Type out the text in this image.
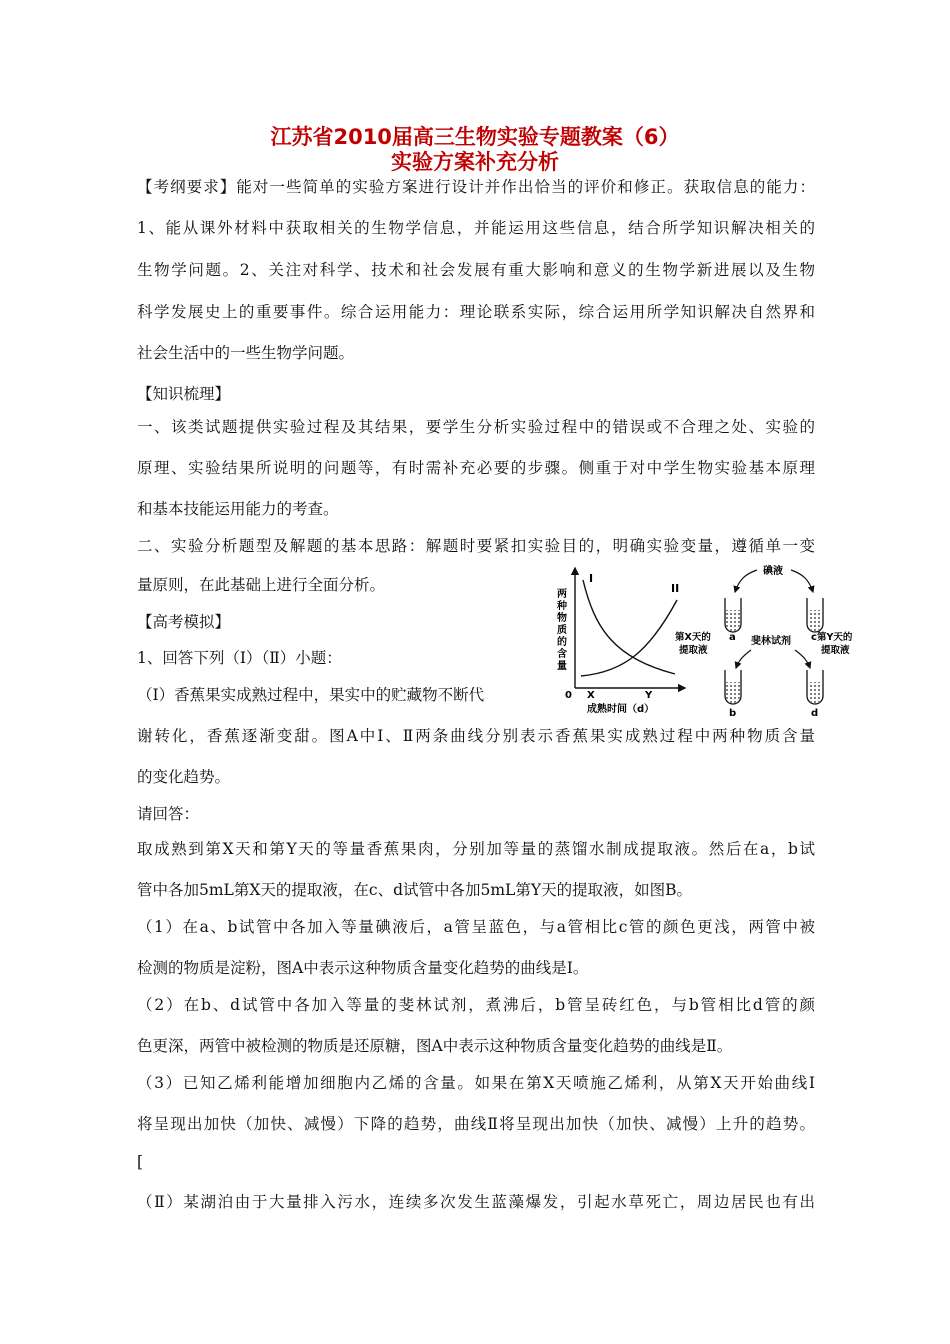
江苏省2010届高三生物实验专题教案（6）
实验方案补充分析
【考纲要求】能对一些简单的实验方案进行设计并作出恰当的评价和修正。获取信息的能力：
1、能从课外材料中获取相关的生物学信息，并能运用这些信息，结合所学知识解决相关的
生物学问题。2、关注对科学、技术和社会发展有重大影响和意义的生物学新进展以及生物
科学发展史上的重要事件。综合运用能力：理论联系实际，综合运用所学知识解决自然界和
社会生活中的一些生物学问题。
【知识梳理】
一、该类试题提供实验过程及其结果，要学生分析实验过程中的错误或不合理之处、实验的
原理、实验结果所说明的问题等，有时需补充必要的步骤。侧重于对中学生物实验基本原理
和基本技能运用能力的考查。
二、实验分析题型及解题的基本思路：解题时要紧扣实验目的，明确实验变量，遵循单一变
量原则，在此基础上进行全面分析。
【高考模拟】
1、回答下列（Ⅰ）（Ⅱ）小题：
（Ⅰ）香蕉果实成熟过程中，果实中的贮藏物不断代
谢转化，香蕉逐渐变甜。图A中Ⅰ、Ⅱ两条曲线分别表示香蕉果实成熟过程中两种物质含量
的变化趋势。
请回答：
取成熟到第X天和第Y天的等量香蕉果肉，分别加等量的蒸馏水制成提取液。然后在a，b试
管中各加5mL第X天的提取液，在c、d试管中各加5mL第Y天的提取液，如图B。
（1）在a、b试管中各加入等量碘液后，a管呈蓝色，与a管相比c管的颜色更浅，两管中被
检测的物质是淀粉，图A中表示这种物质含量变化趋势的曲线是Ⅰ。
（2）在b、d试管中各加入等量的斐林试剂，煮沸后，b管呈砖红色，与b管相比d管的颜
色更深，两管中被检测的物质是还原糖，图A中表示这种物质含量变化趋势的曲线是Ⅱ。
（3）已知乙烯利能增加细胞内乙烯的含量。如果在第X天喷施乙烯利，从第X天开始曲线I
将呈现出加快（加快、减慢）下降的趋势，曲线Ⅱ将呈现出加快（加快、减慢）上升的趋势。
[
（Ⅱ）某湖泊由于大量排入污水，连续多次发生蓝藻爆发，引起水草死亡，周边居民也有出
两
种
物
质
的
含
量
I
II
0 X	Y
成熟时间（d）
碘液
a	c
第X天的
提取液
第Y天的
提取液
斐林试剂
b	d
